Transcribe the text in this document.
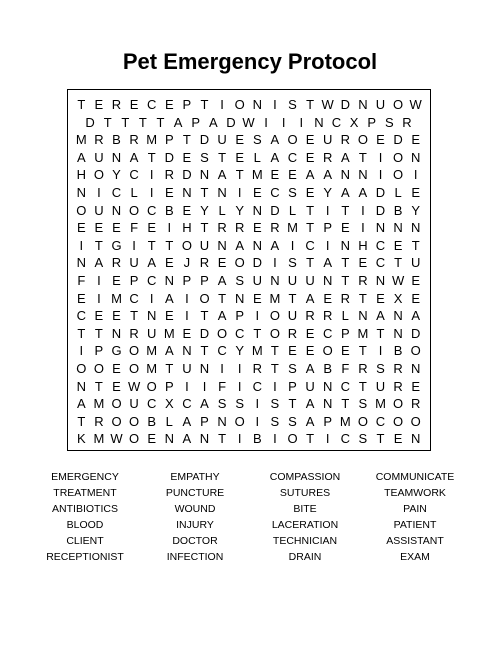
Pet Emergency Protocol
T E R E C E P T I O N I S T W D N U O W
D T T T T A P A D W I	I	I N C X P S R
M R B R M P T D U E S A O E U R O E D E
A U N A T D E S T E L A C E R A T I O N
H O Y C I R D N A T M E E A A N N I O I
N I C L I E N T N I E C S E Y A A D L E
O U N O C B E Y L Y N D L T I T I D B Y
E E E F E I H T R R E R M T P E I N N N
I T G I T T O U N A N A I C I N H C E T
N A R U A E J R E O D I S T A T E C T U
F I E P C N P P A S U N U U N T R N W E
E I M C I A I O T N E M T A E R T E X E
C E E T N E I T A P I O U R R L N A N A
T T N R U M E D O C T O R E C P M T N D
I P G O M A N T C Y M T E E O E T I B O
O O E O M T U N I	I R T S A B F R S R N
N T E W O P I	I F I C I P U N C T U R E
A M O U C X C A S S I S T A N T S M O R
T R O O B L A P N O I S S A P M O C O O
K M W O E N A N T I B I O T I C S T E N
EMERGENCY	EMPATHY	COMPASSION	COMMUNICATE
TREATMENT	PUNCTURE	SUTURES	TEAMWORK
ANTIBIOTICS	WOUND	BITE	PAIN
BLOOD	INJURY	LACERATION	PATIENT
CLIENT	DOCTOR	TECHNICIAN	ASSISTANT
RECEPTIONIST	INFECTION	DRAIN	EXAM
